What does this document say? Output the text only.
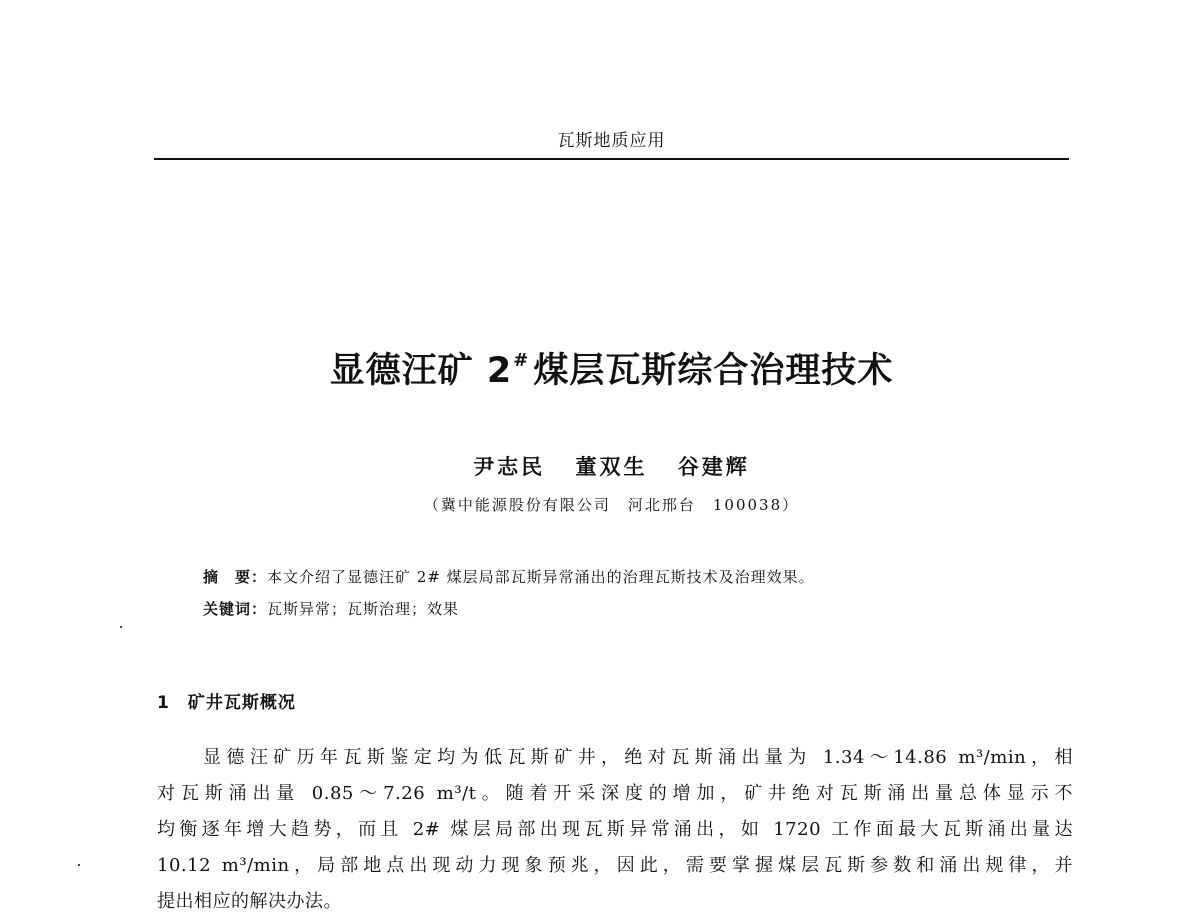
瓦斯地质应用
显德汪矿 2# 煤层瓦斯综合治理技术
尹志民 董双生 谷建辉
（冀中能源股份有限公司　河北邢台　100038）
摘　要：本文介绍了显德汪矿 2# 煤层局部瓦斯异常涌出的治理瓦斯技术及治理效果。
关键词：瓦斯异常；瓦斯治理；效果
1　矿井瓦斯概况
显德汪矿历年瓦斯鉴定均为低瓦斯矿井，绝对瓦斯涌出量为 1.34～14.86 m³/min，相
对瓦斯涌出量 0.85～7.26 m³/t。随着开采深度的增加，矿井绝对瓦斯涌出量总体显示不
均衡逐年增大趋势，而且 2# 煤层局部出现瓦斯异常涌出，如 1720 工作面最大瓦斯涌出量达
10.12 m³/min，局部地点出现动力现象预兆，因此，需要掌握煤层瓦斯参数和涌出规律，并
提出相应的解决办法。
